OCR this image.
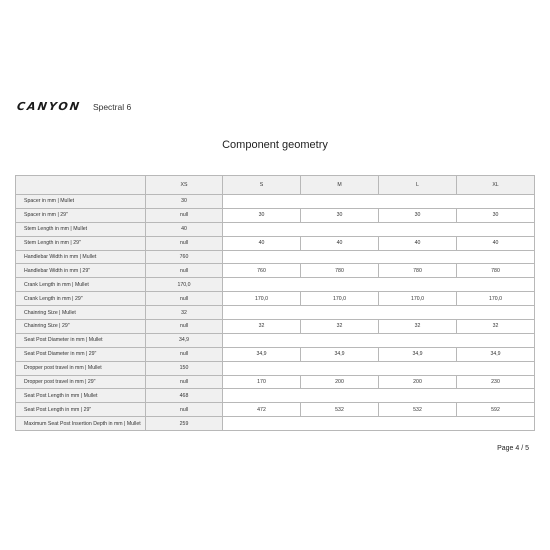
CANYON Spectral 6
Component geometry
	XS	S	M	L	XL
Spacer in mm | Mullet	30				
Spacer in mm | 29"	null	30	30	30	30
Stem Length in mm | Mullet	40				
Stem Length in mm | 29"	null	40	40	40	40
Handlebar Width in mm | Mullet	760				
Handlebar Width in mm | 29"	null	760	780	780	780
Crank Length in mm | Mullet	170,0				
Crank Length in mm | 29"	null	170,0	170,0	170,0	170,0
Chainring Size | Mullet	32				
Chainring Size | 29"	null	32	32	32	32
Seat Post Diameter in mm | Mullet	34,9				
Seat Post Diameter in mm | 29"	null	34,9	34,9	34,9	34,9
Dropper post travel in mm | Mullet	150				
Dropper post travel in mm | 29"	null	170	200	200	230
Seat Post Length in mm | Mullet	468				
Seat Post Length in mm | 29"	null	472	532	532	592
Maximum Seat Post Insertion Depth in mm | Mullet	259				
Page 4 / 5
